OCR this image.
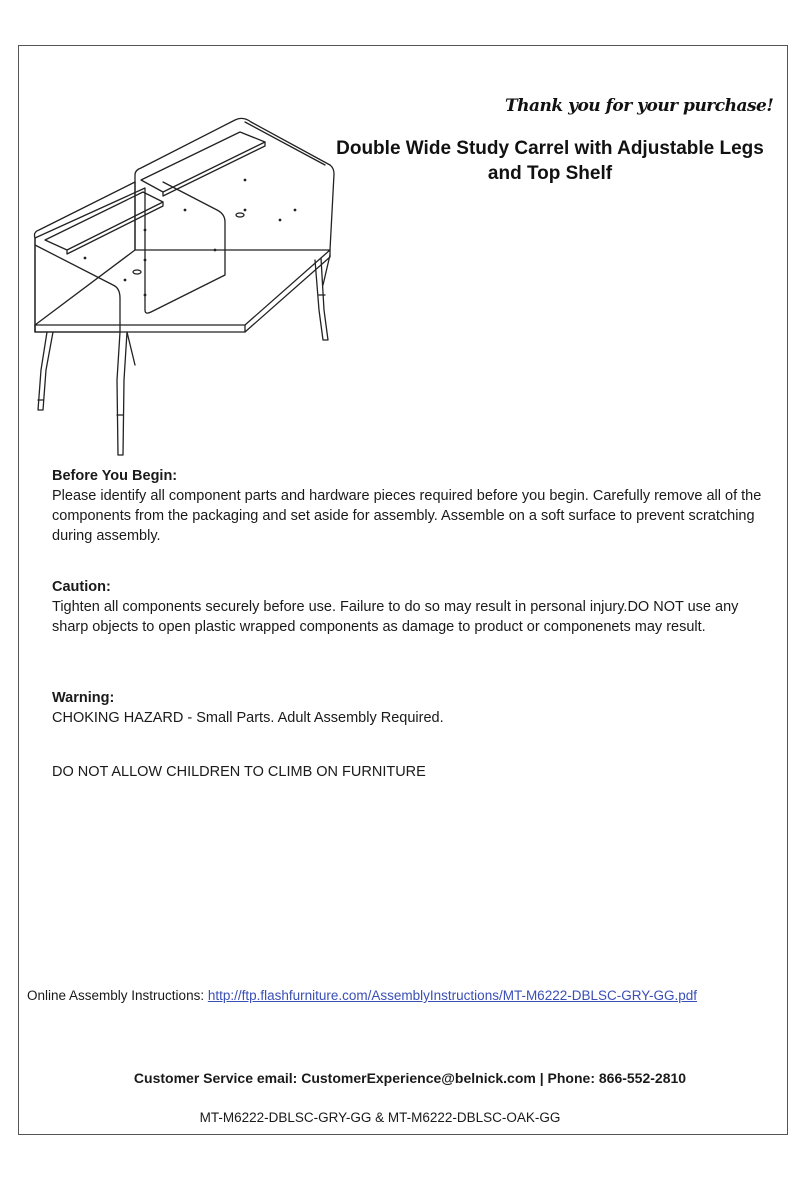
Thank you for your purchase!
Double Wide Study Carrel with Adjustable Legs and Top Shelf
Before You Begin:
Please identify all component parts and hardware pieces required before you begin. Carefully remove all of the components from the packaging and set aside for assembly. Assemble on a soft surface to prevent scratching during assembly.
Caution:
Tighten all components securely before use. Failure to do so may result in personal injury.DO NOT use any sharp objects to open plastic wrapped components as damage to product or componenets may result.
Warning:
CHOKING HAZARD - Small Parts. Adult Assembly Required.
DO NOT ALLOW CHILDREN TO CLIMB ON FURNITURE
Online Assembly Instructions: http://ftp.flashfurniture.com/AssemblyInstructions/MT-M6222-DBLSC-GRY-GG.pdf
Customer Service email: CustomerExperience@belnick.com | Phone: 866-552-2810
MT-M6222-DBLSC-GRY-GG & MT-M6222-DBLSC-OAK-GG
